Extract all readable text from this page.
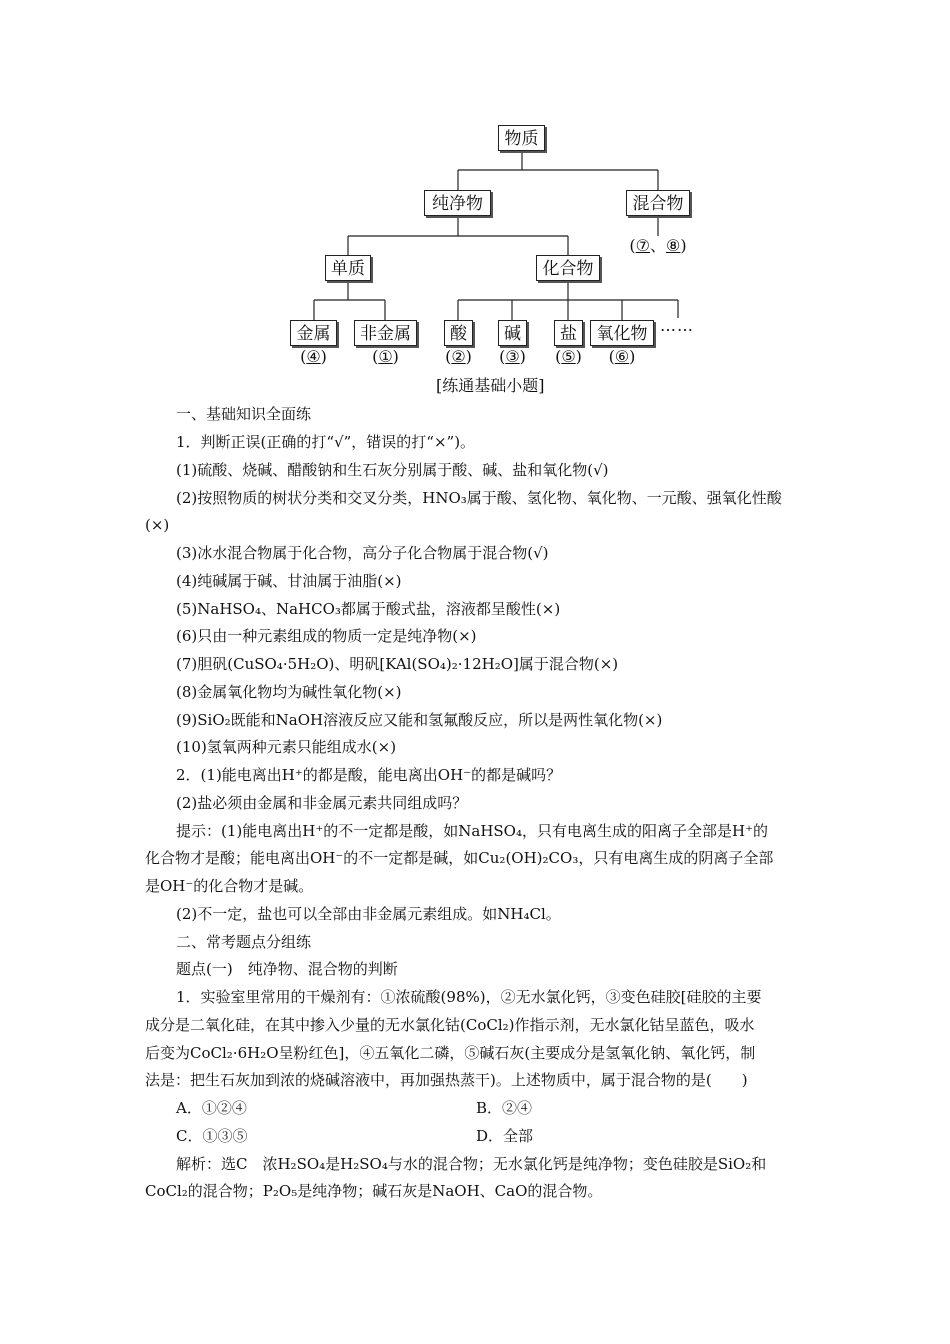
物质
纯净物	混合物
(⑦、⑧)
单质	化合物
金属
(④)
非金属
(①)
酸
(②)
碱
(③)
盐
(⑤)
氧化物
(⑥)
……
[练通基础小题]
一、基础知识全面练
1．判断正误(正确的打“√”，错误的打“×”)。
(1)硫酸、烧碱、醋酸钠和生石灰分别属于酸、碱、盐和氧化物(√)
(2)按照物质的树状分类和交叉分类，HNO₃属于酸、氢化物、氧化物、一元酸、强氧化性酸
(×)
(3)冰水混合物属于化合物，高分子化合物属于混合物(√)
(4)纯碱属于碱、甘油属于油脂(×)
(5)NaHSO₄、NaHCO₃都属于酸式盐，溶液都呈酸性(×)
(6)只由一种元素组成的物质一定是纯净物(×)
(7)胆矾(CuSO₄·5H₂O)、明矾[KAl(SO₄)₂·12H₂O]属于混合物(×)
(8)金属氧化物均为碱性氧化物(×)
(9)SiO₂既能和NaOH溶液反应又能和氢氟酸反应，所以是两性氧化物(×)
(10)氢氧两种元素只能组成水(×)
2．(1)能电离出H⁺的都是酸，能电离出OH⁻的都是碱吗？
(2)盐必须由金属和非金属元素共同组成吗？
提示：(1)能电离出H⁺的不一定都是酸，如NaHSO₄，只有电离生成的阳离子全部是H⁺的
化合物才是酸；能电离出OH⁻的不一定都是碱，如Cu₂(OH)₂CO₃，只有电离生成的阴离子全部
是OH⁻的化合物才是碱。
(2)不一定，盐也可以全部由非金属元素组成。如NH₄Cl。
二、常考题点分组练
题点(一)　纯净物、混合物的判断
1．实验室里常用的干燥剂有：①浓硫酸(98%)，②无水氯化钙，③变色硅胶[硅胶的主要
成分是二氧化硅，在其中掺入少量的无水氯化钴(CoCl₂)作指示剂，无水氯化钴呈蓝色，吸水
后变为CoCl₂·6H₂O呈粉红色]，④五氧化二磷，⑤碱石灰(主要成分是氢氧化钠、氧化钙，制
法是：把生石灰加到浓的烧碱溶液中，再加强热蒸干)。上述物质中，属于混合物的是(　　)
A．①②④	B．②④
C．①③⑤	D．全部
解析：选C　浓H₂SO₄是H₂SO₄与水的混合物；无水氯化钙是纯净物；变色硅胶是SiO₂和
CoCl₂的混合物；P₂O₅是纯净物；碱石灰是NaOH、CaO的混合物。
